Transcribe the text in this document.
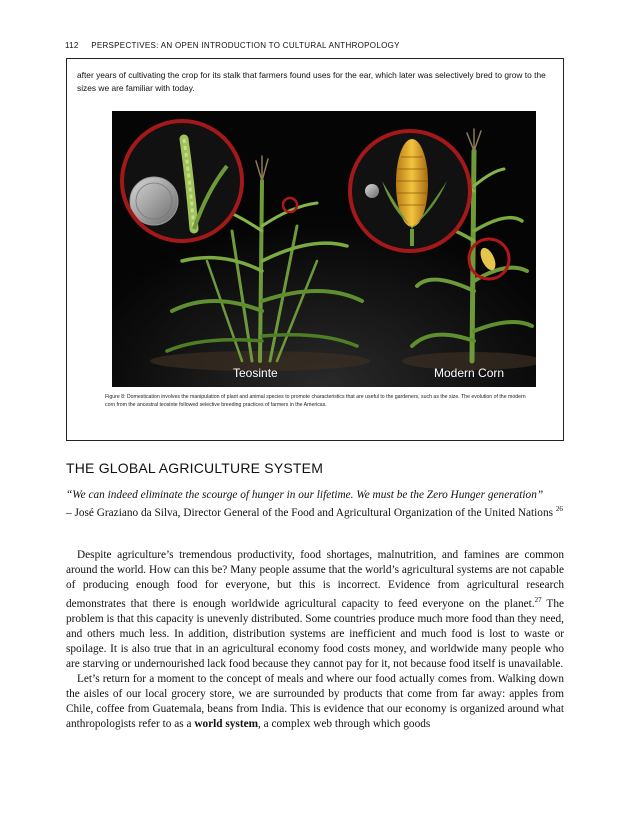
112 PERSPECTIVES: AN OPEN INTRODUCTION TO CULTURAL ANTHROPOLOGY
after years of cultivating the crop for its stalk that farmers found uses for the ear, which later was selectively bred to grow to the sizes we are familiar with today.
Teosinte	Modern Corn
Figure 8: Domestication involves the manipulation of plant and animal species to promote characteristics that are useful to the gardeners, such as the size. The evolution of the modern corn from the ancestral teosinte followed selective breeding practices of farmers in the Americas.
THE GLOBAL AGRICULTURE SYSTEM
“We can indeed eliminate the scourge of hunger in our lifetime. We must be the Zero Hunger generation”
– José Graziano da Silva, Director General of the Food and Agricultural Organization of the United Nations $^{26}$

Despite agriculture’s tremendous productivity, food shortages, malnutrition, and famines are common around the world. How can this be? Many people assume that the world’s agricultural systems are not capable of producing enough food for everyone, but this is incorrect. Evidence from agricultural research demonstrates that there is enough worldwide agricultural capacity to feed everyone on the planet.$^{27}$ The problem is that this capacity is unevenly distributed. Some countries produce much more food than they need, and others much less. In addition, distribution systems are inefficient and much food is lost to waste or spoilage. It is also true that in an agricultural economy food costs money, and worldwide many people who are starving or undernourished lack food because they cannot pay for it, not because food itself is unavailable.

Let’s return for a moment to the concept of meals and where our food actually comes from. Walking down the aisles of our local grocery store, we are surrounded by products that come from far away: apples from Chile, coffee from Guatemala, beans from India. This is evidence that our economy is organized around what anthropologists refer to as a world system, a complex web through which goods
